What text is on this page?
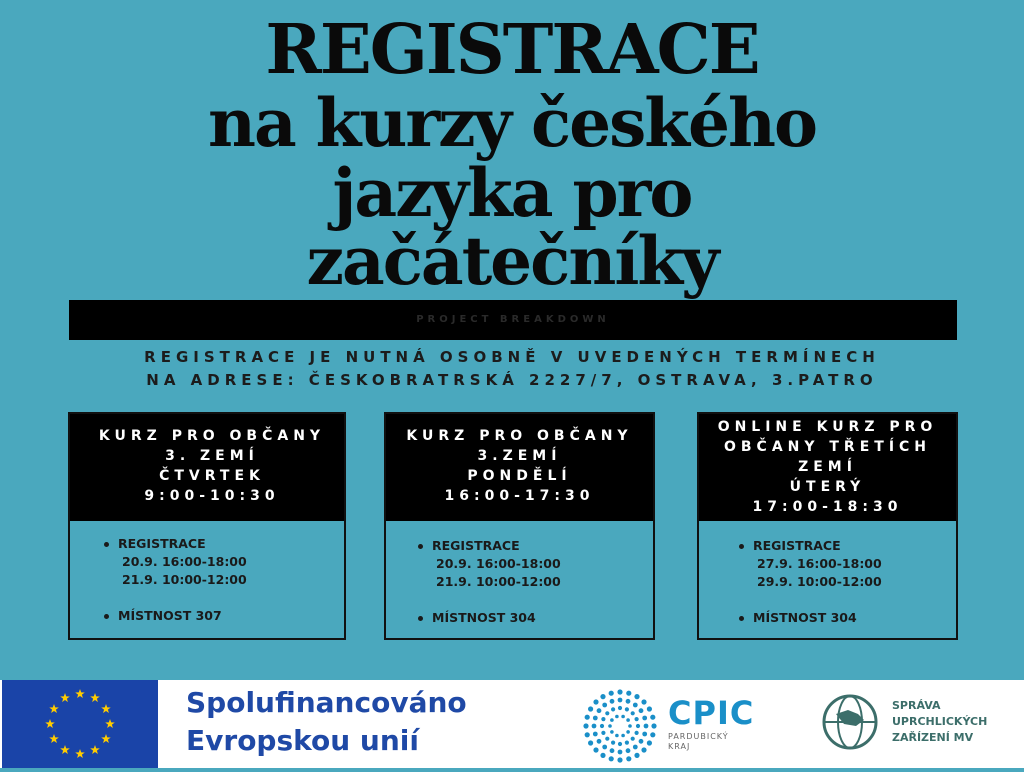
REGISTRACE
na kurzy českého
jazyka pro
začátečníky
PROJECT BREAKDOWN
REGISTRACE JE NUTNÁ OSOBNĚ V UVEDENÝCH TERMÍNECH NA ADRESE: ČESKOBRATRSKÁ 2227/7, OSTRAVA, 3.PATRO
KURZ PRO OBČANY
3. ZEMÍ
ČTVRTEK
9:00-10:30
REGISTRACE
20.9. 16:00-18:00
21.9. 10:00-12:00
MÍSTNOST 307
KURZ PRO OBČANY
3.ZEMÍ
PONDĚLÍ
16:00-17:30
REGISTRACE
20.9. 16:00-18:00
21.9. 10:00-12:00
MÍSTNOST 304
ONLINE KURZ PRO
OBČANY TŘETÍCH
ZEMÍ
ÚTERÝ
17:00-18:30
REGISTRACE
27.9. 16:00-18:00
29.9. 10:00-12:00
MÍSTNOST 304
Spolufinancováno
Evropskou unií
CPIC
PARDUBICKÝ
KRAJ
SPRÁVA
UPRCHLICKÝCH
ZAŘÍZENÍ MV
